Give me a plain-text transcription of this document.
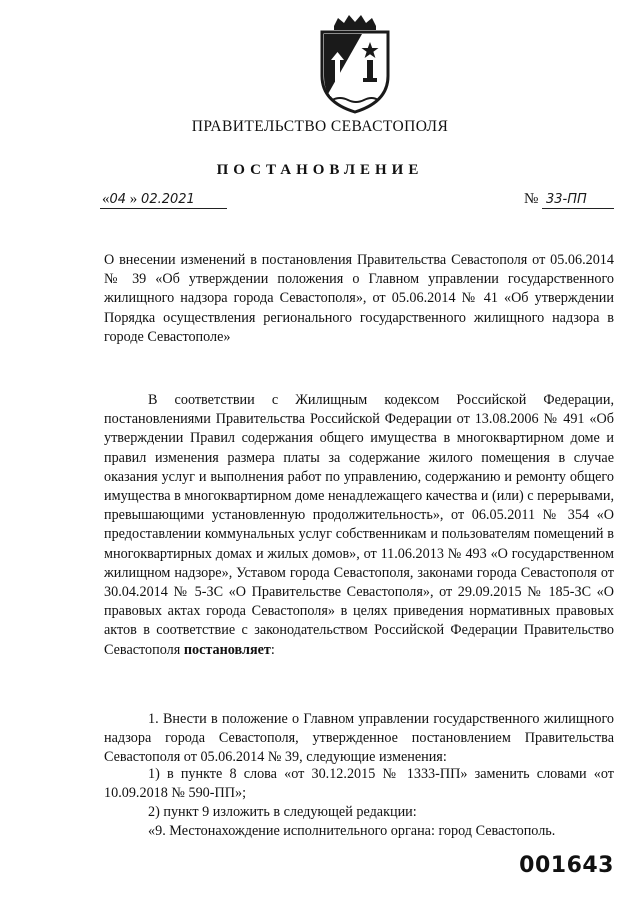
ПРАВИТЕЛЬСТВО СЕВАСТОПОЛЯ
ПОСТАНОВЛЕНИЕ
«04 » 02.2021	№ 33-ПП
О внесении изменений в постановления Правительства Севастополя от 05.06.2014 № 39 «Об утверждении положения о Главном управлении государственного жилищного надзора города Севастополя», от 05.06.2014 № 41 «Об утверждении Порядка осуществления регионального государственного жилищного надзора в городе Севастополе»
В соответствии с Жилищным кодексом Российской Федерации, постановлениями Правительства Российской Федерации от 13.08.2006 № 491 «Об утверждении Правил содержания общего имущества в многоквартирном доме и правил изменения размера платы за содержание жилого помещения в случае оказания услуг и выполнения работ по управлению, содержанию и ремонту общего имущества в многоквартирном доме ненадлежащего качества и (или) с перерывами, превышающими установленную продолжительность», от 06.05.2011 № 354 «О предоставлении коммунальных услуг собственникам и пользователям помещений в многоквартирных домах и жилых домов», от 11.06.2013 № 493 «О государственном жилищном надзоре», Уставом города Севастополя, законами города Севастополя от 30.04.2014 № 5-ЗС «О Правительстве Севастополя», от 29.09.2015 № 185-ЗС «О правовых актах города Севастополя» в целях приведения нормативных правовых актов в соответствие с законодательством Российской Федерации Правительство Севастополя постановляет:
1. Внести в положение о Главном управлении государственного жилищного надзора города Севастополя, утвержденное постановлением Правительства Севастополя от 05.06.2014 № 39, следующие изменения:
1) в пункте 8 слова «от 30.12.2015 № 1333-ПП» заменить словами «от 10.09.2018 № 590-ПП»;
2) пункт 9 изложить в следующей редакции:
«9. Местонахождение исполнительного органа: город Севастополь.
001643
